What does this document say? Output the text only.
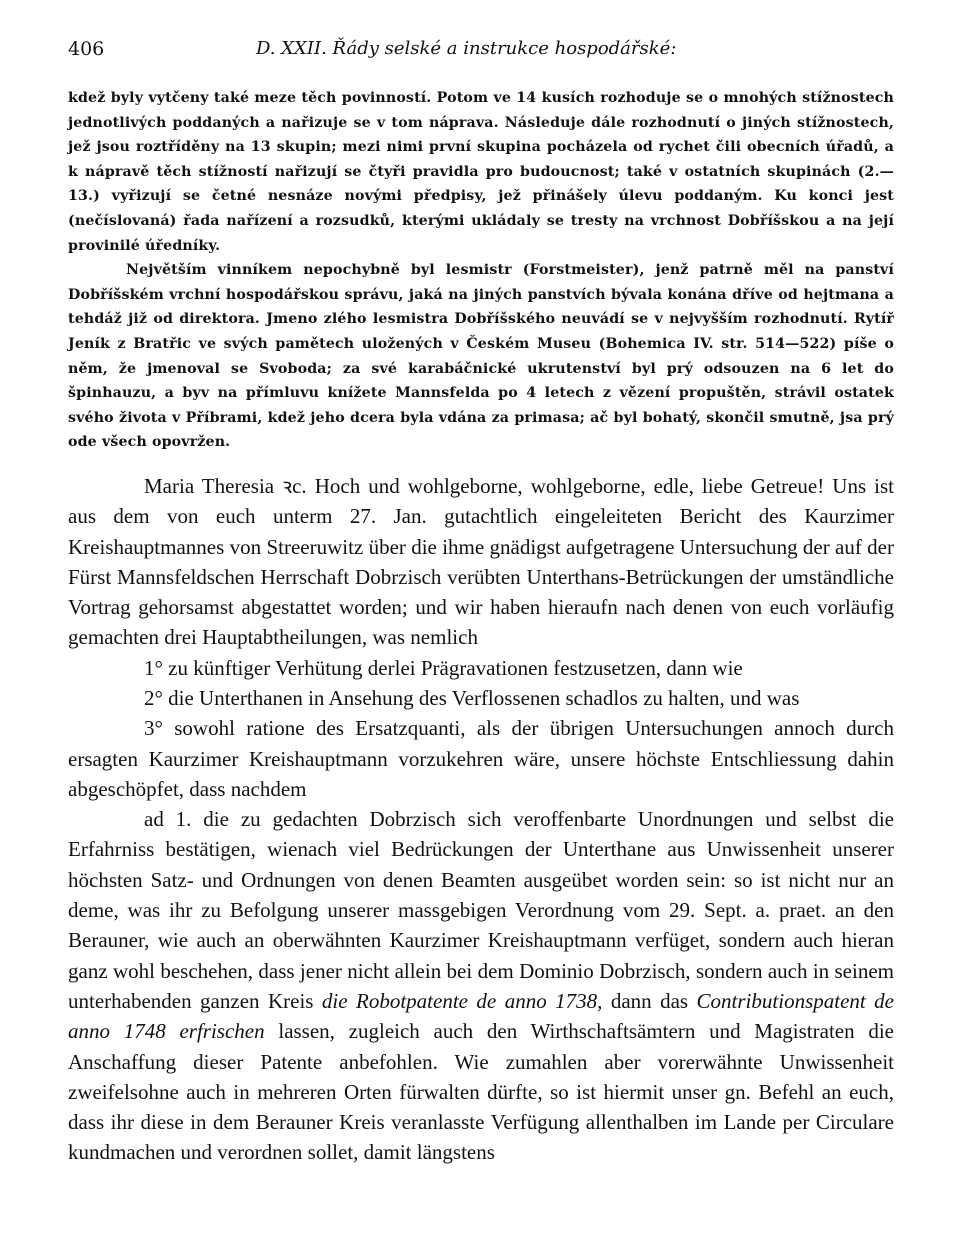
406	D. XXII. Řády selské a instrukce hospodářské:

kdež byly vytčeny také meze těch povinností. Potom ve 14 kusích rozhoduje se o mnohých stížnostech jednotlivých poddaných a nařizuje se v tom náprava. Následuje dále rozhodnutí o jiných stížnostech, jež jsou roztříděny na 13 skupin; mezi nimi první skupina pocházela od rychet čili obecních úřadů, a k nápravě těch stížností nařizují se čtyři pravidla pro budoucnost; také v ostatních skupinách (2.—13.) vyřizují se četné nesnáze novými předpisy, jež přinášely úlevu poddaným. Ku konci jest (nečíslovaná) řada nařízení a rozsudků, kterými ukládaly se tresty na vrchnost Dobříšskou a na její provinilé úředníky.

Největším vinníkem nepochybně byl lesmistr (Forstmeister), jenž patrně měl na panství Dobříšském vrchní hospodářskou správu, jaká na jiných panstvích bývala konána dříve od hejtmana a tehdáž již od direktora. Jmeno zlého lesmistra Dobříšského neuvádí se v nejvyšším rozhodnutí. Rytíř Jeník z Bratřic ve svých pamětech uložených v Českém Museu (Bohemica IV. str. 514—522) píše o něm, že jmenoval se Svoboda; za své karabáčnické ukrutenství byl prý odsouzen na 6 let do špinhauzu, a byv na přímluvu knížete Mannsfelda po 4 letech z vězení propuštěn, strávil ostatek svého života v Příbrami, kdež jeho dcera byla vdána za primasa; ač byl bohatý, skončil smutně, jsa prý ode všech opovržen.

Maria Theresia ꝛc. Hoch und wohlgeborne, wohlgeborne, edle, liebe Getreue! Uns ist aus dem von euch unterm 27. Jan. gutachtlich eingeleiteten Bericht des Kaurzimer Kreishauptmannes von Streeruwitz über die ihme gnädigst aufgetragene Untersuchung der auf der Fürst Mannsfeldschen Herrschaft Dobrzisch verübten Unterthans-Betrückungen der umständliche Vortrag gehorsamst abgestattet worden; und wir haben hieraufn nach denen von euch vorläufig gemachten drei Hauptabtheilungen, was nemlich

1° zu künftiger Verhütung derlei Prägravationen festzusetzen, dann wie

2° die Unterthanen in Ansehung des Verflossenen schadlos zu halten, und was

3° sowohl ratione des Ersatzquanti, als der übrigen Untersuchungen annoch durch ersagten Kaurzimer Kreishauptmann vorzukehren wäre, unsere höchste Entschliessung dahin abgeschöpfet, dass nachdem

ad 1. die zu gedachten Dobrzisch sich veroffenbarte Unordnungen und selbst die Erfahrniss bestätigen, wienach viel Bedrückungen der Unterthane aus Unwissenheit unserer höchsten Satz- und Ordnungen von denen Beamten ausgeübet worden sein: so ist nicht nur an deme, was ihr zu Befolgung unserer massgebigen Verordnung vom 29. Sept. a. praet. an den Berauner, wie auch an oberwähnten Kaurzimer Kreishauptmann verfüget, sondern auch hieran ganz wohl beschehen, dass jener nicht allein bei dem Dominio Dobrzisch, sondern auch in seinem unterhabenden ganzen Kreis die Robotpatente de anno 1738, dann das Contributionspatent de anno 1748 erfrischen lassen, zugleich auch den Wirthschaftsämtern und Magistraten die Anschaffung dieser Patente anbefohlen. Wie zumahlen aber vorerwähnte Unwissenheit zweifelsohne auch in mehreren Orten fürwalten dürfte, so ist hiermit unser gn. Befehl an euch, dass ihr diese in dem Berauner Kreis veranlasste Verfügung allenthalben im Lande per Circulare kundmachen und verordnen sollet, damit längstens
